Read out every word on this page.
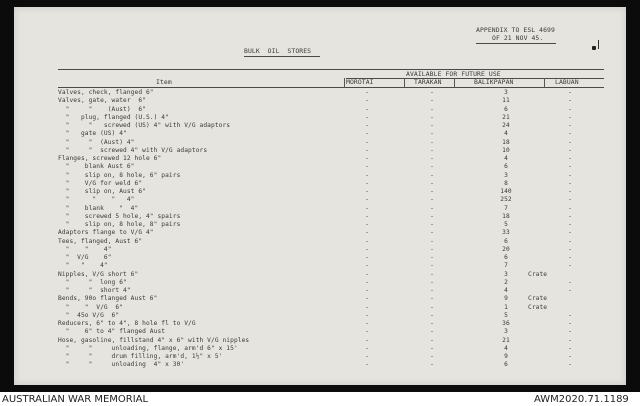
APPENDIX TO ESL 4699
OF 21 NOV 45.
BULK  OIL  STORES
AVAILABLE FOR FUTURE USE
Item	MOROTAI	TARAKAN	BALIKPAPAN	LABUAN
Valves, check, flanged 6"	-	-	3	-
Valves, gate, water  6"	-	-	11	-
"     "    (Aust)  6"	-	-	6	-
"   plug, flanged (U.S.) 4"	-	-	21	-
"     "   screwed (US) 4" with V/G adaptors	-	-	24	-
"   gate (US) 4"	-	-	4	-
"     "  (Aust) 4"	-	-	18	-
"     "  screwed 4" with V/G adaptors	-	-	10	-
Flanges, screwed 12 hole 6"	-	-	4	-
"    blank Aust 6"	-	-	6	-
"    slip on, 8 hole, 6" pairs	-	-	3	-
"    V/G for weld 6"	-	-	8	-
"    slip on, Aust 6"	-	-	140	-
"      "    "   4"	-	-	252	-
"    blank    "  4"	-	-	7	-
"    screwed 5 hole, 4" spairs	-	-	18	-
"    slip on, 8 hole, 8" pairs	-	-	5	-
Adaptors flange to V/G 4"	-	-	33	-
Tees, flanged, Aust 6"	-	-	6	-
"    "    4"	-	-	20	-
"  V/G    6"	-	-	6	-
"   "    4"	-	-	7	-
Nipples, V/G short 6"	-	-	3	Crate
"     "  long 6"	-	-	2	-
"     "  short 4"	-	-	4	-
Bends, 90o flanged Aust 6"	-	-	9	Crate
"    "  V/G  6"	-	-	1	Crate
"  45o V/G  6"	-	-	5	-
Reducers, 6" to 4", 8 hole fl to V/G	-	-	36	-
"    6" to 4" flanged Aust	-	-	3	-
Hose, gasoline, fillstand 4" x 6" with V/G nipples	-	-	21	-
"     "     unloading, flange, arm'd 6" x 15'	-	-	4	-
"     "     drum filling, arm'd, 1½" x 5'	-	-	9	-
"     "     unloading  4" x 30'	-	-	6	-
AUSTRALIAN WAR MEMORIAL	AWM2020.71.1189
